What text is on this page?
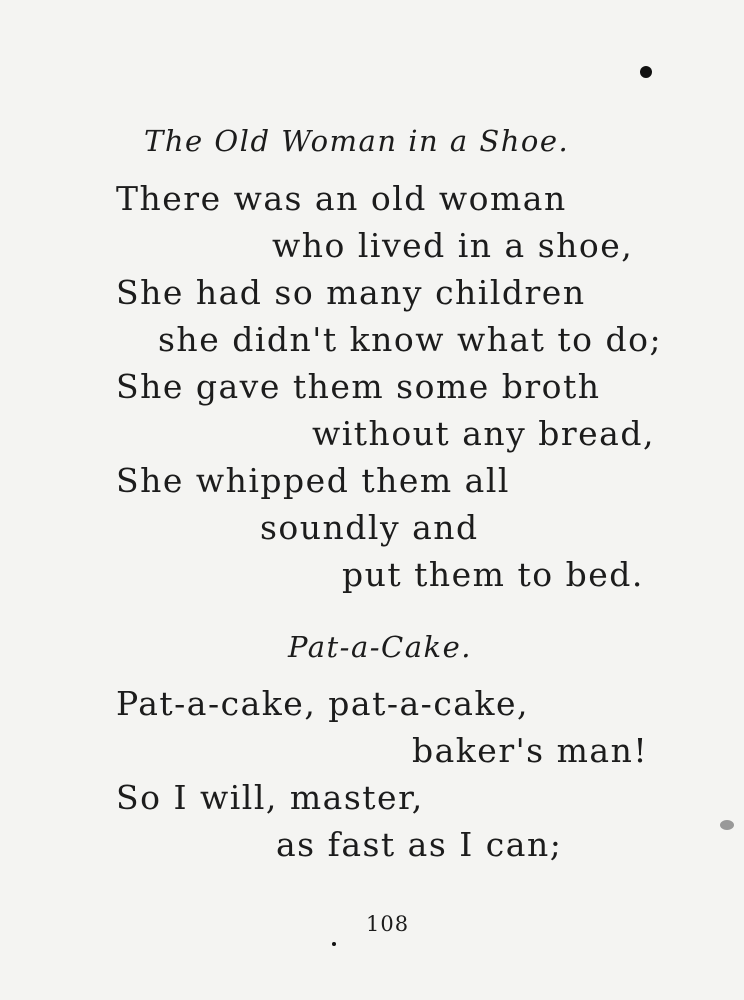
The Old Woman in a Shoe.
There was an old woman
who lived in a shoe,
She had so many children
she didn't know what to do;
She gave them some broth
without any bread,
She whipped them all
soundly and
put them to bed.
Pat-a-Cake.
Pat-a-cake, pat-a-cake,
baker's man!
So I will, master,
as fast as I can;
108
